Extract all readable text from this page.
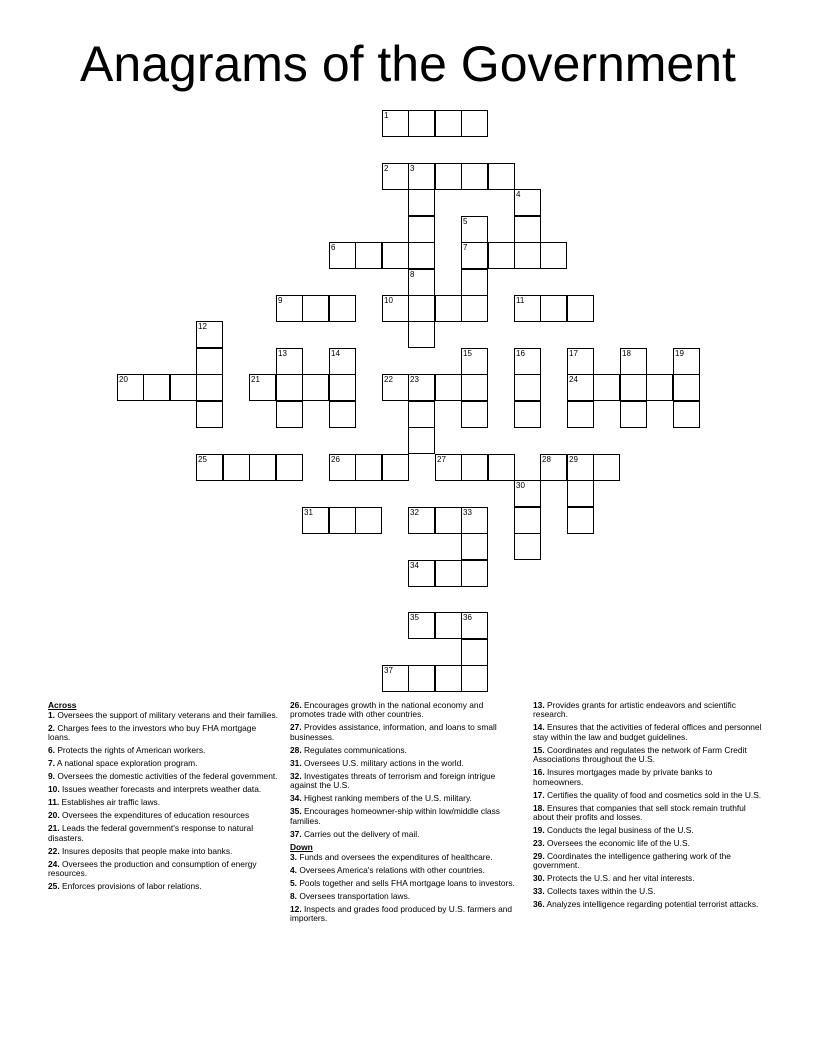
Anagrams of the Government
1
2	3
4
5
6	7
8
9	10	11
12
13	14	15	16	17	18	19
20	21	22 23	24
25	26	27	28 29
30
31	32	33
34
35	36
37
Across
1. Oversees the support of military veterans and their families.
2. Charges fees to the investors who buy FHA mortgage loans.
6. Protects the rights of American workers.
7. A national space exploration program.
9. Oversees the domestic activities of the federal government.
10. Issues weather forecasts and interprets weather data.
11. Establishes air traffic laws.
20. Oversees the expenditures of education resources
21. Leads the federal government's response to natural disasters.
22. Insures deposits that people make into banks.
24. Oversees the production and consumption of energy resources.
25. Enforces provisions of labor relations.
26. Encourages growth in the national economy and promotes trade with other countries.
27. Provides assistance, information, and loans to small businesses.
28. Regulates communications.
31. Oversees U.S. military actions in the world.
32. Investigates threats of terrorism and foreign intrigue against the U.S.
34. Highest ranking members of the U.S. military.
35. Encourages homeowner-ship within low/middle class families.
37. Carries out the delivery of mail.
Down
3. Funds and oversees the expenditures of healthcare.
4. Oversees America's relations with other countries.
5. Pools together and sells FHA mortgage loans to investors.
8. Oversees transportation laws.
12. Inspects and grades food produced by U.S. farmers and importers.
13. Provides grants for artistic endeavors and scientific research.
14. Ensures that the activities of federal offices and personnel stay within the law and budget guidelines.
15. Coordinates and regulates the network of Farm Credit Associations throughout the U.S.
16. Insures mortgages made by private banks to homeowners.
17. Certifies the quality of food and cosmetics sold in the U.S.
18. Ensures that companies that sell stock remain truthful about their profits and losses.
19. Conducts the legal business of the U.S.
23. Oversees the economic life of the U.S.
29. Coordinates the intelligence gathering work of the government.
30. Protects the U.S. and her vital interests.
33. Collects taxes within the U.S.
36. Analyzes intelligence regarding potential terrorist attacks.
